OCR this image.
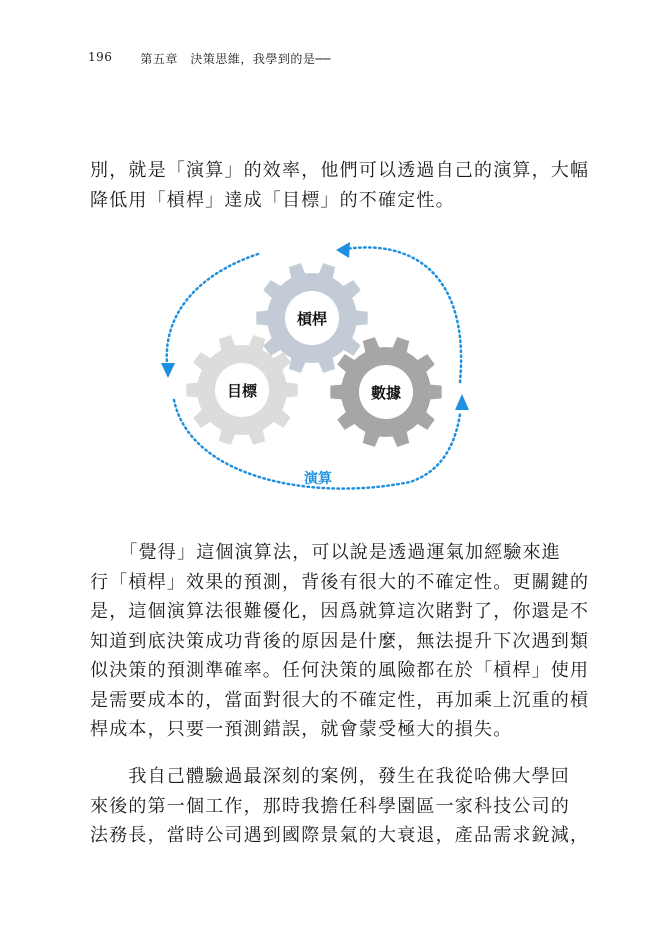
196 第五章　決策思維，我學到的是──

別，就是「演算」的效率，他們可以透過自己的演算，大幅
降低用「槓桿」達成「目標」的不確定性。

槓桿
目標	數據
演算

　　「覺得」這個演算法，可以說是透過運氣加經驗來進
行「槓桿」效果的預測，背後有很大的不確定性。更關鍵的
是，這個演算法很難優化，因爲就算這次賭對了，你還是不
知道到底決策成功背後的原因是什麼，無法提升下次遇到類
似決策的預測準確率。任何決策的風險都在於「槓桿」使用
是需要成本的，當面對很大的不確定性，再加乘上沉重的槓
桿成本，只要一預測錯誤，就會蒙受極大的損失。

　　我自己體驗過最深刻的案例，發生在我從哈佛大學回
來後的第一個工作，那時我擔任科學園區一家科技公司的
法務長，當時公司遇到國際景氣的大衰退，產品需求銳減，
